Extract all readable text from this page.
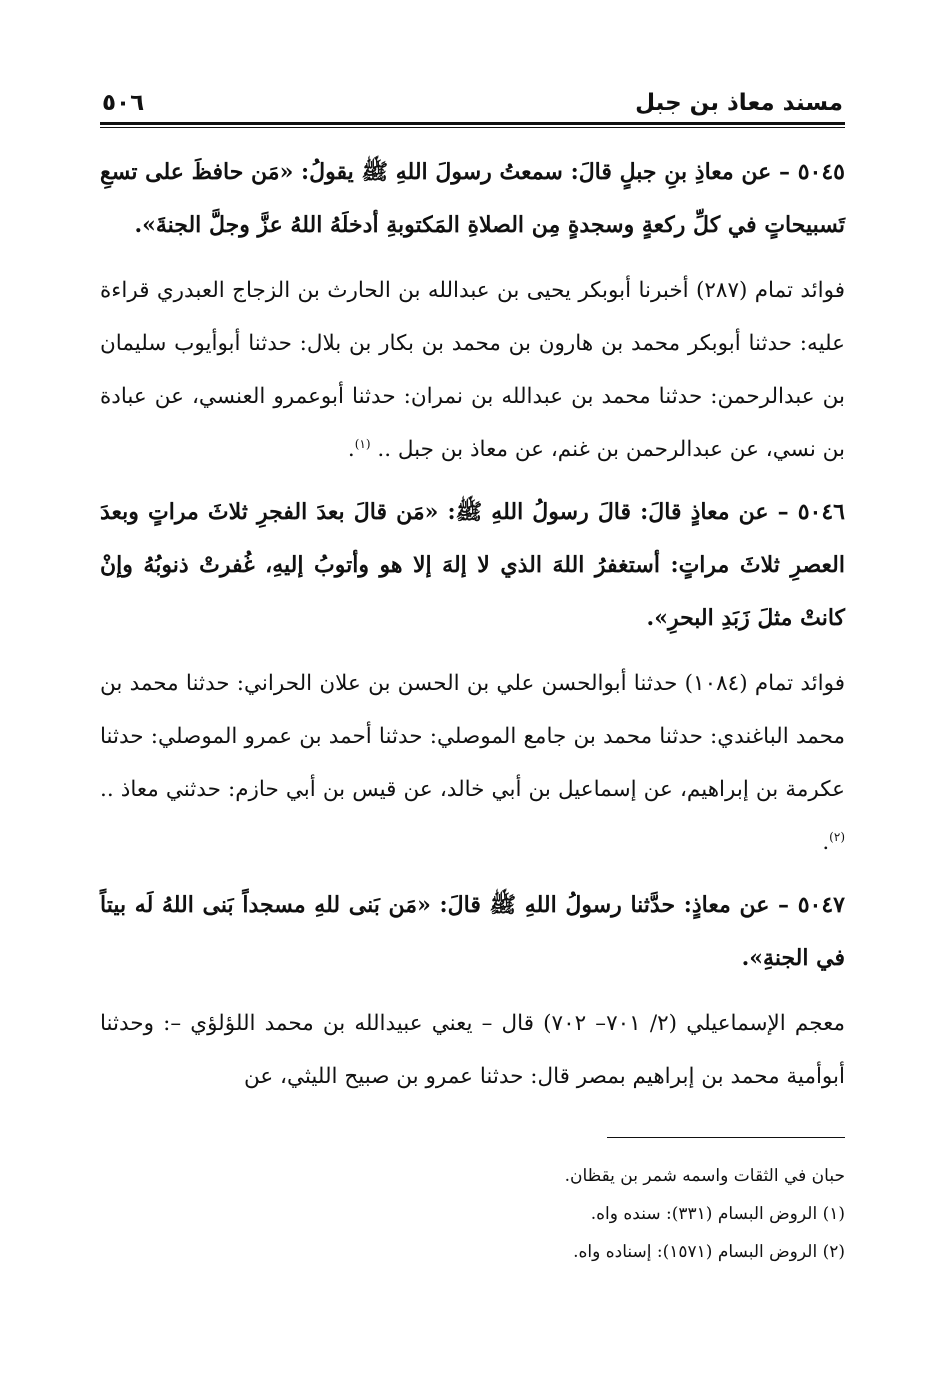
مسند معاذ بن جبل
٥٠٦

٥٠٤٥ – عن معاذِ بنِ جبلٍ قالَ: سمعتُ رسولَ اللهِ ﷺ يقولُ: «مَن حافظَ على تسعِ تَسبيحاتٍ في كلِّ ركعةٍ وسجدةٍ مِن الصلاةِ المَكتوبةِ أدخلَهُ اللهُ عزَّ وجلَّ الجنةَ».

فوائد تمام (٢٨٧) أخبرنا أبوبكر يحيى بن عبدالله بن الحارث بن الزجاج العبدري قراءة عليه: حدثنا أبوبكر محمد بن هارون بن محمد بن بكار بن بلال: حدثنا أبوأيوب سليمان بن عبدالرحمن: حدثنا محمد بن عبدالله بن نمران: حدثنا أبوعمرو العنسي، عن عبادة بن نسي، عن عبدالرحمن بن غنم، عن معاذ بن جبل .. $^{(١)}$.

٥٠٤٦ – عن معاذٍ قالَ: قالَ رسولُ اللهِ ﷺ: «مَن قالَ بعدَ الفجرِ ثلاثَ مراتٍ وبعدَ العصرِ ثلاثَ مراتٍ: أستغفرُ اللهَ الذي لا إلهَ إلا هو وأتوبُ إليهِ، غُفرتْ ذنوبُهُ وإنْ كانتْ مثلَ زَبَدِ البحرِ».

فوائد تمام (١٠٨٤) حدثنا أبوالحسن علي بن الحسن بن علان الحراني: حدثنا محمد بن محمد الباغندي: حدثنا محمد بن جامع الموصلي: حدثنا أحمد بن عمرو الموصلي: حدثنا عكرمة بن إبراهيم، عن إسماعيل بن أبي خالد، عن قيس بن أبي حازم: حدثني معاذ .. $^{(٢)}$.

٥٠٤٧ – عن معاذٍ: حدَّثنا رسولُ اللهِ ﷺ قالَ: «مَن بَنى للهِ مسجداً بَنى اللهُ لَه بيتاً في الجنةِ».

معجم الإسماعيلي (٢/ ٧٠١– ٧٠٢) قال – يعني عبيدالله بن محمد اللؤلؤي –: وحدثنا أبوأمية محمد بن إبراهيم بمصر قال: حدثنا عمرو بن صبيح الليثي، عن

حبان في الثقات واسمه شمر بن يقظان.
(١) الروض البسام (٣٣١): سنده واه.
(٢) الروض البسام (١٥٧١): إسناده واه.
